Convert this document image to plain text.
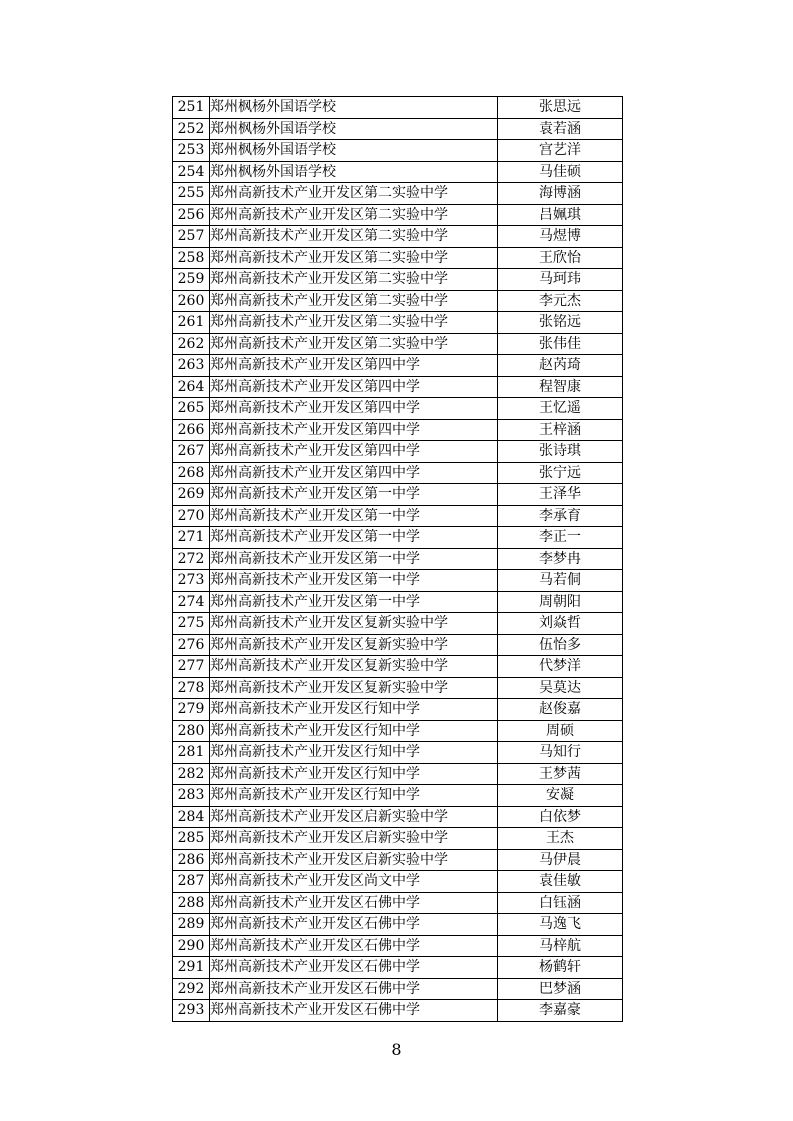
251	郑州枫杨外国语学校	张思远
252	郑州枫杨外国语学校	袁若涵
253	郑州枫杨外国语学校	宫艺洋
254	郑州枫杨外国语学校	马佳硕
255	郑州高新技术产业开发区第二实验中学	海博涵
256	郑州高新技术产业开发区第二实验中学	吕姵琪
257	郑州高新技术产业开发区第二实验中学	马煜博
258	郑州高新技术产业开发区第二实验中学	王欣怡
259	郑州高新技术产业开发区第二实验中学	马珂玮
260	郑州高新技术产业开发区第二实验中学	李元杰
261	郑州高新技术产业开发区第二实验中学	张铭远
262	郑州高新技术产业开发区第二实验中学	张伟佳
263	郑州高新技术产业开发区第四中学	赵芮琦
264	郑州高新技术产业开发区第四中学	程智康
265	郑州高新技术产业开发区第四中学	王忆遥
266	郑州高新技术产业开发区第四中学	王梓涵
267	郑州高新技术产业开发区第四中学	张诗琪
268	郑州高新技术产业开发区第四中学	张宁远
269	郑州高新技术产业开发区第一中学	王泽华
270	郑州高新技术产业开发区第一中学	李承育
271	郑州高新技术产业开发区第一中学	李正一
272	郑州高新技术产业开发区第一中学	李梦冉
273	郑州高新技术产业开发区第一中学	马若侗
274	郑州高新技术产业开发区第一中学	周朝阳
275	郑州高新技术产业开发区复新实验中学	刘焱哲
276	郑州高新技术产业开发区复新实验中学	伍怡多
277	郑州高新技术产业开发区复新实验中学	代梦洋
278	郑州高新技术产业开发区复新实验中学	吴莫达
279	郑州高新技术产业开发区行知中学	赵俊嘉
280	郑州高新技术产业开发区行知中学	周硕
281	郑州高新技术产业开发区行知中学	马知行
282	郑州高新技术产业开发区行知中学	王梦茜
283	郑州高新技术产业开发区行知中学	安凝
284	郑州高新技术产业开发区启新实验中学	白依梦
285	郑州高新技术产业开发区启新实验中学	王杰
286	郑州高新技术产业开发区启新实验中学	马伊晨
287	郑州高新技术产业开发区尚文中学	袁佳敏
288	郑州高新技术产业开发区石佛中学	白钰涵
289	郑州高新技术产业开发区石佛中学	马逸飞
290	郑州高新技术产业开发区石佛中学	马梓航
291	郑州高新技术产业开发区石佛中学	杨鹤轩
292	郑州高新技术产业开发区石佛中学	巴梦涵
293	郑州高新技术产业开发区石佛中学	李嘉豪
8
